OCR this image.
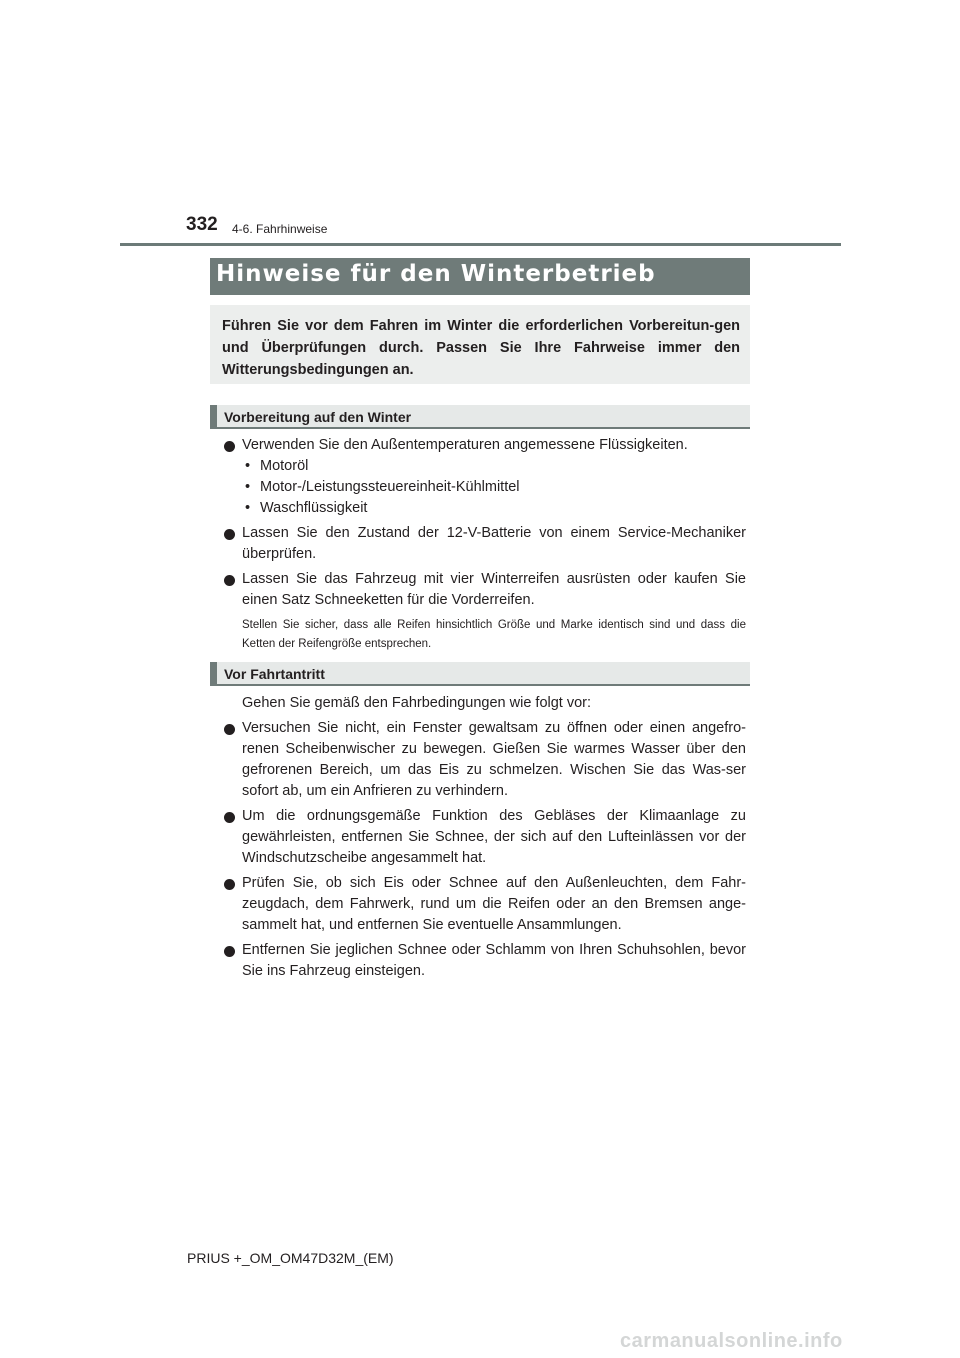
332 4-6. Fahrhinweise
Hinweise für den Winterbetrieb
Führen Sie vor dem Fahren im Winter die erforderlichen Vorbereitun-gen und Überprüfungen durch. Passen Sie Ihre Fahrweise immer den Witterungsbedingungen an.
Vorbereitung auf den Winter
Verwenden Sie den Außentemperaturen angemessene Flüssigkeiten.
• Motoröl
• Motor-/Leistungssteuereinheit-Kühlmittel
• Waschflüssigkeit
Lassen Sie den Zustand der 12-V-Batterie von einem Service-Mechaniker überprüfen.
Lassen Sie das Fahrzeug mit vier Winterreifen ausrüsten oder kaufen Sie einen Satz Schneeketten für die Vorderreifen.
Stellen Sie sicher, dass alle Reifen hinsichtlich Größe und Marke identisch sind und dass die Ketten der Reifengröße entsprechen.
Vor Fahrtantritt
Gehen Sie gemäß den Fahrbedingungen wie folgt vor:
Versuchen Sie nicht, ein Fenster gewaltsam zu öffnen oder einen angefro-renen Scheibenwischer zu bewegen. Gießen Sie warmes Wasser über den gefrorenen Bereich, um das Eis zu schmelzen. Wischen Sie das Was-ser sofort ab, um ein Anfrieren zu verhindern.
Um die ordnungsgemäße Funktion des Gebläses der Klimaanlage zu gewährleisten, entfernen Sie Schnee, der sich auf den Lufteinlässen vor der Windschutzscheibe angesammelt hat.
Prüfen Sie, ob sich Eis oder Schnee auf den Außenleuchten, dem Fahr-zeugdach, dem Fahrwerk, rund um die Reifen oder an den Bremsen ange-sammelt hat, und entfernen Sie eventuelle Ansammlungen.
Entfernen Sie jeglichen Schnee oder Schlamm von Ihren Schuhsohlen, bevor Sie ins Fahrzeug einsteigen.
PRIUS +_OM_OM47D32M_(EM)
carmanualsonline.info
